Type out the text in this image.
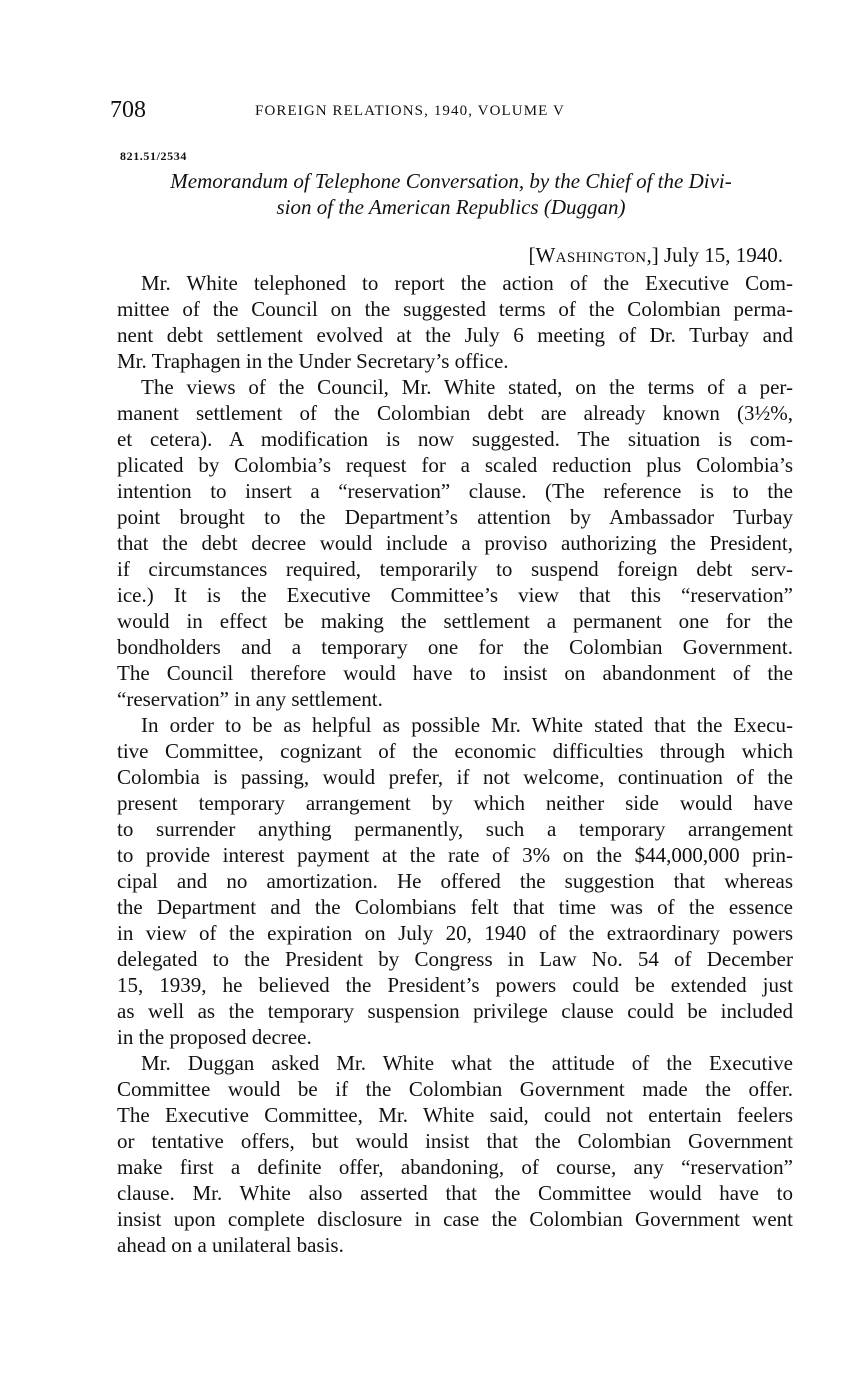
708	FOREIGN RELATIONS, 1940, VOLUME V
821.51/2534
Memorandum of Telephone Conversation, by the Chief of the Divi-
sion of the American Republics (Duggan)
[Washington,] July 15, 1940.
Mr. White telephoned to report the action of the Executive Com-
mittee of the Council on the suggested terms of the Colombian perma-
nent debt settlement evolved at the July 6 meeting of Dr. Turbay and
Mr. Traphagen in the Under Secretary’s office.
The views of the Council, Mr. White stated, on the terms of a per-
manent settlement of the Colombian debt are already known (3½%,
et cetera). A modification is now suggested. The situation is com-
plicated by Colombia’s request for a scaled reduction plus Colombia’s
intention to insert a “reservation” clause. (The reference is to the
point brought to the Department’s attention by Ambassador Turbay
that the debt decree would include a proviso authorizing the President,
if circumstances required, temporarily to suspend foreign debt serv-
ice.) It is the Executive Committee’s view that this “reservation”
would in effect be making the settlement a permanent one for the
bondholders and a temporary one for the Colombian Government.
The Council therefore would have to insist on abandonment of the
“reservation” in any settlement.
In order to be as helpful as possible Mr. White stated that the Execu-
tive Committee, cognizant of the economic difficulties through which
Colombia is passing, would prefer, if not welcome, continuation of the
present temporary arrangement by which neither side would have
to surrender anything permanently, such a temporary arrangement
to provide interest payment at the rate of 3% on the $44,000,000 prin-
cipal and no amortization. He offered the suggestion that whereas
the Department and the Colombians felt that time was of the essence
in view of the expiration on July 20, 1940 of the extraordinary powers
delegated to the President by Congress in Law No. 54 of December
15, 1939, he believed the President’s powers could be extended just
as well as the temporary suspension privilege clause could be included
in the proposed decree.
Mr. Duggan asked Mr. White what the attitude of the Executive
Committee would be if the Colombian Government made the offer.
The Executive Committee, Mr. White said, could not entertain feelers
or tentative offers, but would insist that the Colombian Government
make first a definite offer, abandoning, of course, any “reservation”
clause. Mr. White also asserted that the Committee would have to
insist upon complete disclosure in case the Colombian Government went
ahead on a unilateral basis.
